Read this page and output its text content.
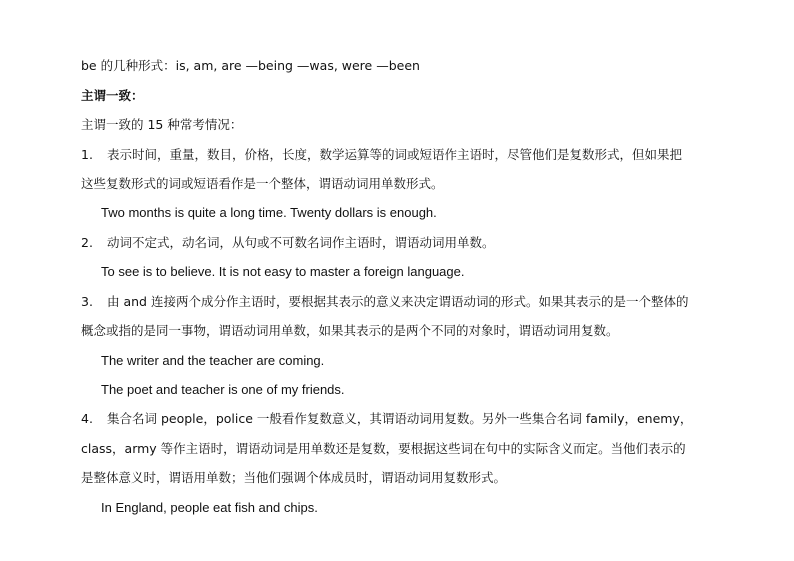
be 的几种形式：is, am, are —being —was, were —been
主谓一致：
主谓一致的 15 种常考情况：
1. 表示时间，重量，数目，价格，长度，数学运算等的词或短语作主语时，尽管他们是复数形式，但如果把
这些复数形式的词或短语看作是一个整体，谓语动词用单数形式。
Two months is quite a long time. Twenty dollars is enough.
2. 动词不定式，动名词，从句或不可数名词作主语时，谓语动词用单数。
To see is to believe. It is not easy to master a foreign language.
3. 由 and 连接两个成分作主语时，要根据其表示的意义来决定谓语动词的形式。如果其表示的是一个整体的
概念或指的是同一事物，谓语动词用单数，如果其表示的是两个不同的对象时，谓语动词用复数。
The writer and the teacher are coming.
The poet and teacher is one of my friends.
4. 集合名词 people，police 一般看作复数意义，其谓语动词用复数。另外一些集合名词 family，enemy，
class，army 等作主语时，谓语动词是用单数还是复数，要根据这些词在句中的实际含义而定。当他们表示的
是整体意义时，谓语用单数；当他们强调个体成员时，谓语动词用复数形式。
In England, people eat fish and chips.
